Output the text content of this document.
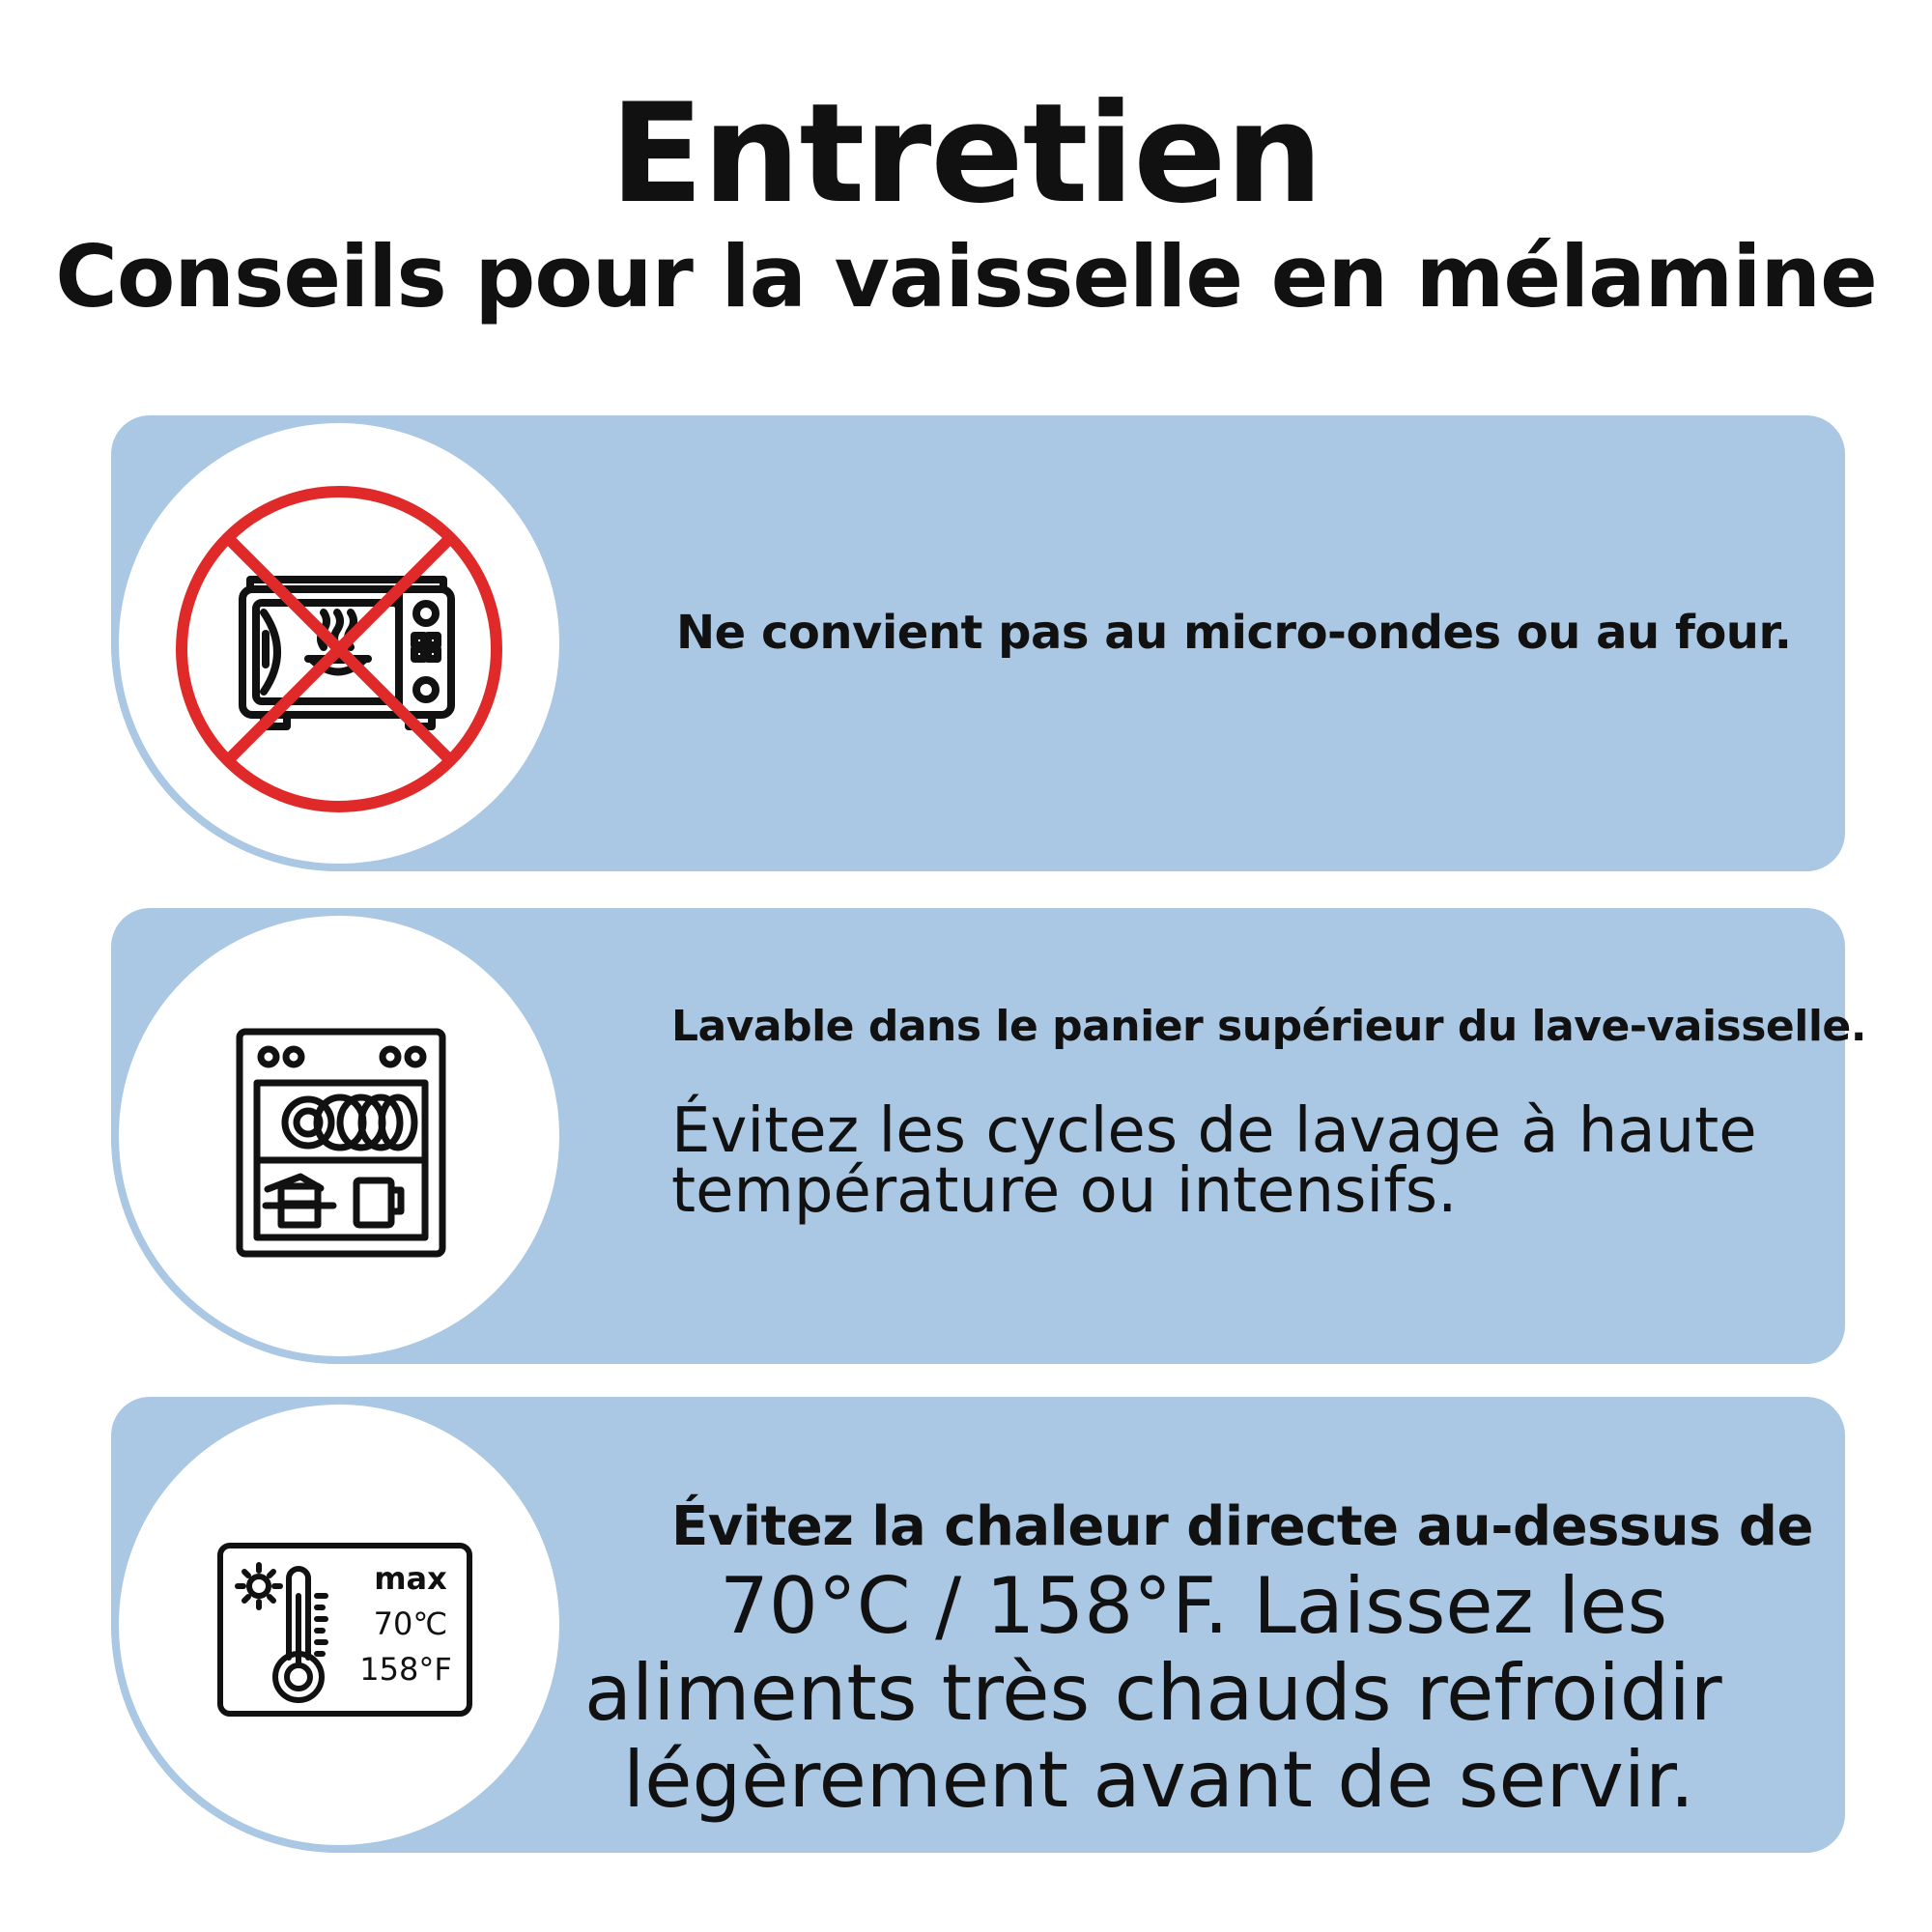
Entretien
Conseils pour la vaisselle en mélamine

Ne convient pas au micro-ondes ou au four.

Lavable dans le panier supérieur du lave-vaisselle.

Évitez les cycles de lavage à haute

température ou intensifs.

max
70℃
158°F

Évitez la chaleur directe au-dessus de

70°C / 158°F. Laissez les

aliments très chauds refroidir

légèrement avant de servir.
